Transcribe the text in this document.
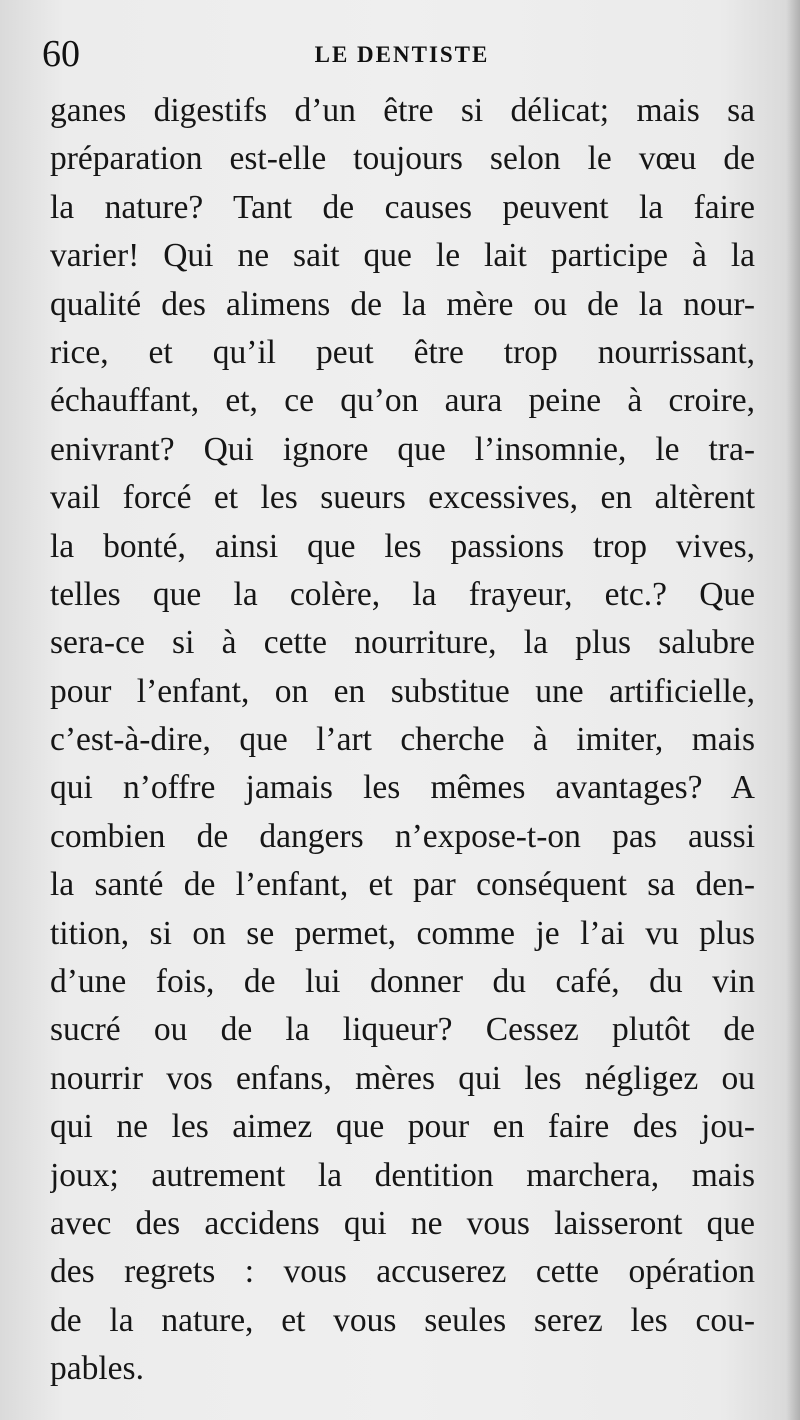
60	LE DENTISTE
ganes digestifs d’un être si délicat; mais sa
préparation est-elle toujours selon le vœu de
la nature? Tant de causes peuvent la faire
varier! Qui ne sait que le lait participe à la
qualité des alimens de la mère ou de la nour-
rice, et qu’il peut être trop nourrissant,
échauffant, et, ce qu’on aura peine à croire,
enivrant? Qui ignore que l’insomnie, le tra-
vail forcé et les sueurs excessives, en altèrent
la bonté, ainsi que les passions trop vives,
telles que la colère, la frayeur, etc.? Que
sera-ce si à cette nourriture, la plus salubre
pour l’enfant, on en substitue une artificielle,
c’est-à-dire, que l’art cherche à imiter, mais
qui n’offre jamais les mêmes avantages? A
combien de dangers n’expose-t-on pas aussi
la santé de l’enfant, et par conséquent sa den-
tition, si on se permet, comme je l’ai vu plus
d’une fois, de lui donner du café, du vin
sucré ou de la liqueur? Cessez plutôt de
nourrir vos enfans, mères qui les négligez ou
qui ne les aimez que pour en faire des jou-
joux; autrement la dentition marchera, mais
avec des accidens qui ne vous laisseront que
des regrets : vous accuserez cette opération
de la nature, et vous seules serez les cou-
pables.
